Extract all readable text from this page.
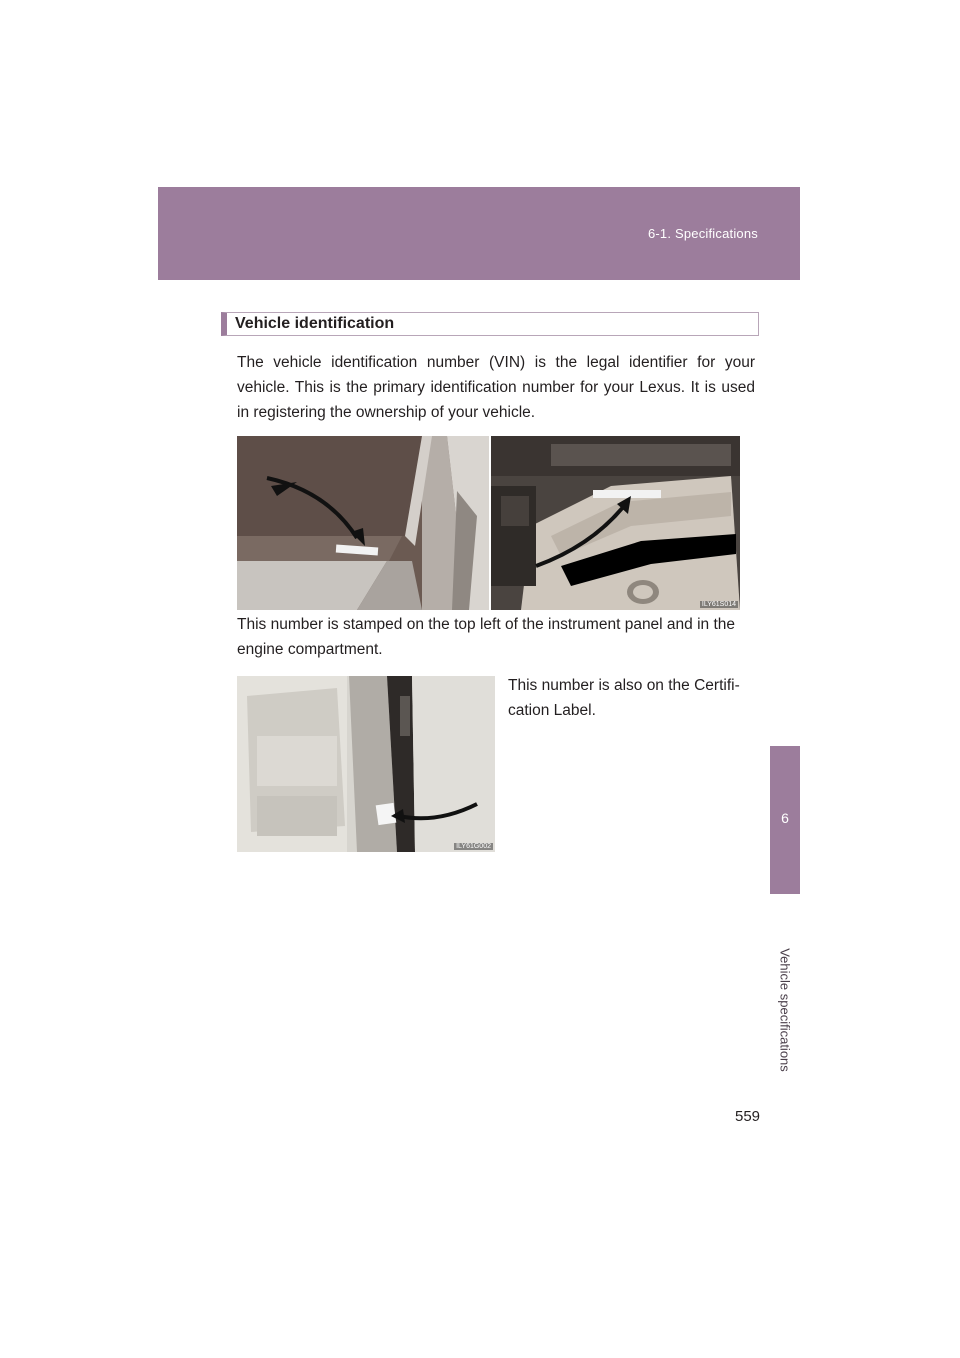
6-1. Specifications
6
Vehicle specifications
Vehicle identification
The vehicle identification number (VIN) is the legal identifier for your vehicle. This is the primary identification number for your Lexus. It is used in registering the ownership of your vehicle.
ILY61S014
This number is stamped on the top left of the instrument panel and in the engine compartment.
ILY61G002
This number is also on the Certifi- cation Label.
559
